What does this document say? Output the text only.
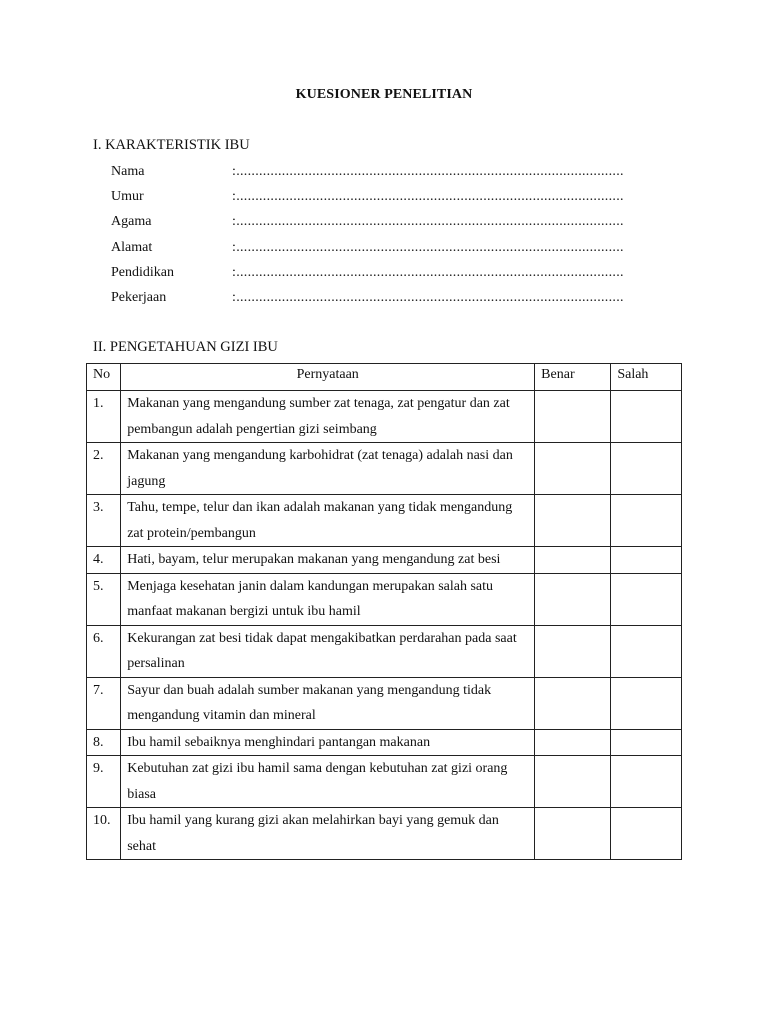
KUESIONER PENELITIAN
I. KARAKTERISTIK IBU
Nama	:......................................................................................................
Umur	:......................................................................................................
Agama	:......................................................................................................
Alamat	:......................................................................................................
Pendidikan	:......................................................................................................
Pekerjaan	:......................................................................................................
II. PENGETAHUAN GIZI IBU
No	Pernyataan	Benar	Salah
1.	Makanan yang mengandung sumber zat tenaga, zat pengatur dan zat pembangun adalah pengertian gizi seimbang		
2.	Makanan yang mengandung karbohidrat (zat tenaga) adalah nasi dan jagung		
3.	Tahu, tempe, telur dan ikan adalah makanan yang tidak mengandung zat protein/pembangun		
4.	Hati, bayam, telur merupakan makanan yang mengandung zat besi		
5.	Menjaga kesehatan janin dalam kandungan merupakan salah satu manfaat makanan bergizi untuk ibu hamil		
6.	Kekurangan zat besi tidak dapat mengakibatkan perdarahan pada saat persalinan		
7.	Sayur dan buah adalah sumber makanan yang mengandung tidak mengandung vitamin dan mineral		
8.	Ibu hamil sebaiknya menghindari pantangan makanan		
9.	Kebutuhan zat gizi ibu hamil sama dengan kebutuhan zat gizi orang biasa		
10.	Ibu hamil yang kurang gizi akan melahirkan bayi yang gemuk dan sehat		
